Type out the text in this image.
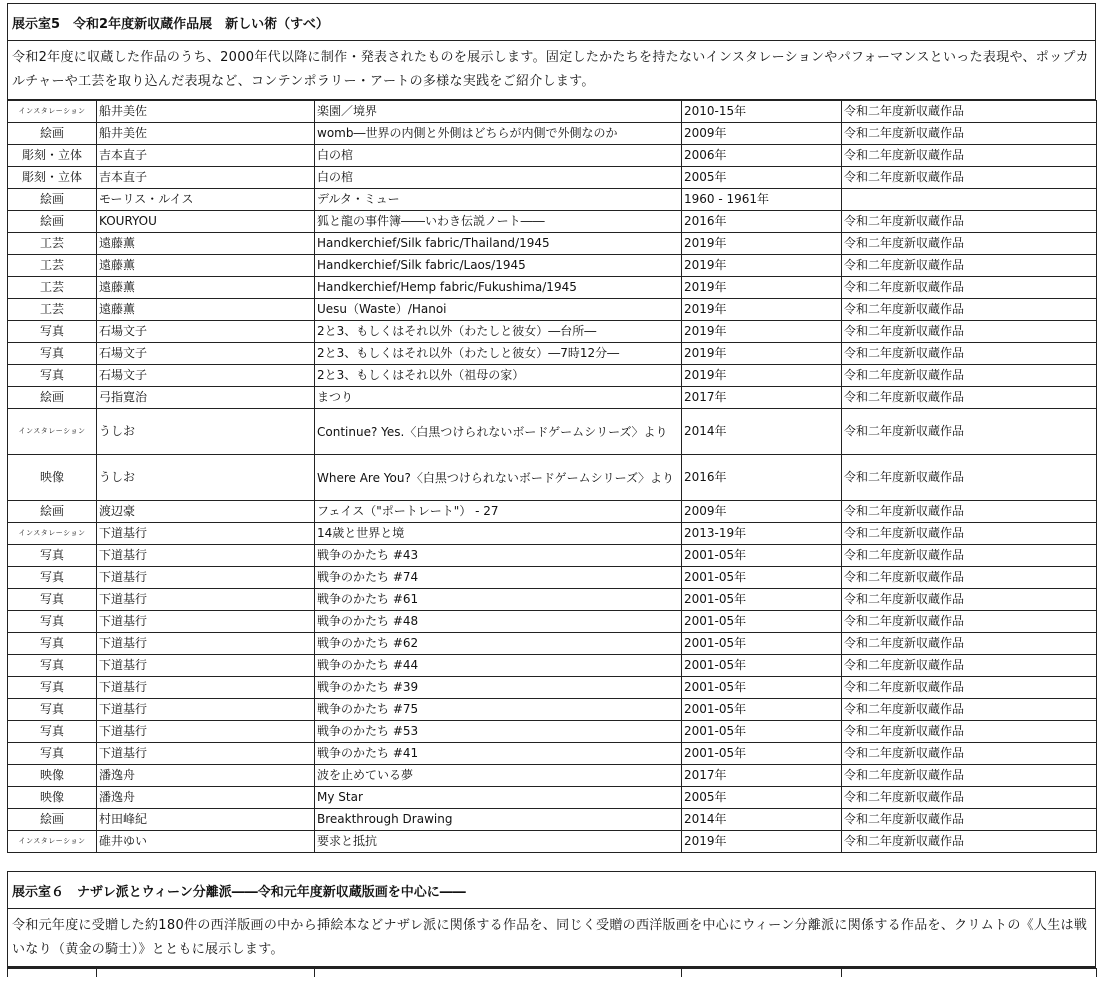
展示室5　令和2年度新収蔵作品展　新しい術（すべ）
令和2年度に収蔵した作品のうち、2000年代以降に制作・発表されたものを展示します。固定したかたちを持たないインスタレーションやパフォーマンスといった表現や、ポップカルチャーや工芸を取り込んだ表現など、コンテンポラリー・アートの多様な実践をご紹介します。
インスタレーション	船井美佐	楽園／境界	2010-15年	令和二年度新収蔵作品
絵画	船井美佐	womb―世界の内側と外側はどちらが内側で外側なのか	2009年	令和二年度新収蔵作品
彫刻・立体	吉本直子	白の棺	2006年	令和二年度新収蔵作品
彫刻・立体	吉本直子	白の棺	2005年	令和二年度新収蔵作品
絵画	モーリス・ルイス	デルタ・ミュー	1960 - 1961年	
絵画	KOURYOU	狐と龍の事件簿――いわき伝説ノート――	2016年	令和二年度新収蔵作品
工芸	遠藤薫	Handkerchief/Silk fabric/Thailand/1945	2019年	令和二年度新収蔵作品
工芸	遠藤薫	Handkerchief/Silk fabric/Laos/1945	2019年	令和二年度新収蔵作品
工芸	遠藤薫	Handkerchief/Hemp fabric/Fukushima/1945	2019年	令和二年度新収蔵作品
工芸	遠藤薫	Uesu（Waste）/Hanoi	2019年	令和二年度新収蔵作品
写真	石場文子	2と3、もしくはそれ以外（わたしと彼女）―台所―	2019年	令和二年度新収蔵作品
写真	石場文子	2と3、もしくはそれ以外（わたしと彼女）―7時12分―	2019年	令和二年度新収蔵作品
写真	石場文子	2と3、もしくはそれ以外（祖母の家）	2019年	令和二年度新収蔵作品
絵画	弓指寛治	まつり	2017年	令和二年度新収蔵作品
インスタレーション	うしお	Continue? Yes.〈白黒つけられないボードゲームシリーズ〉より	2014年	令和二年度新収蔵作品
映像	うしお	Where Are You?〈白黒つけられないボードゲームシリーズ〉より	2016年	令和二年度新収蔵作品
絵画	渡辺豪	フェイス（"ポートレート"） - 27	2009年	令和二年度新収蔵作品
インスタレーション	下道基行	14歳と世界と境	2013-19年	令和二年度新収蔵作品
写真	下道基行	戦争のかたち #43	2001-05年	令和二年度新収蔵作品
写真	下道基行	戦争のかたち #74	2001-05年	令和二年度新収蔵作品
写真	下道基行	戦争のかたち #61	2001-05年	令和二年度新収蔵作品
写真	下道基行	戦争のかたち #48	2001-05年	令和二年度新収蔵作品
写真	下道基行	戦争のかたち #62	2001-05年	令和二年度新収蔵作品
写真	下道基行	戦争のかたち #44	2001-05年	令和二年度新収蔵作品
写真	下道基行	戦争のかたち #39	2001-05年	令和二年度新収蔵作品
写真	下道基行	戦争のかたち #75	2001-05年	令和二年度新収蔵作品
写真	下道基行	戦争のかたち #53	2001-05年	令和二年度新収蔵作品
写真	下道基行	戦争のかたち #41	2001-05年	令和二年度新収蔵作品
映像	潘逸舟	波を止めている夢	2017年	令和二年度新収蔵作品
映像	潘逸舟	My Star	2005年	令和二年度新収蔵作品
絵画	村田峰紀	Breakthrough Drawing	2014年	令和二年度新収蔵作品
インスタレーション	碓井ゆい	要求と抵抗	2019年	令和二年度新収蔵作品
展示室６　ナザレ派とウィーン分離派――令和元年度新収蔵版画を中心に――
令和元年度に受贈した約180件の西洋版画の中から挿絵本などナザレ派に関係する作品を、同じく受贈の西洋版画を中心にウィーン分離派に関係する作品を、クリムトの《人生は戦いなり（黄金の騎士）》とともに展示します。
